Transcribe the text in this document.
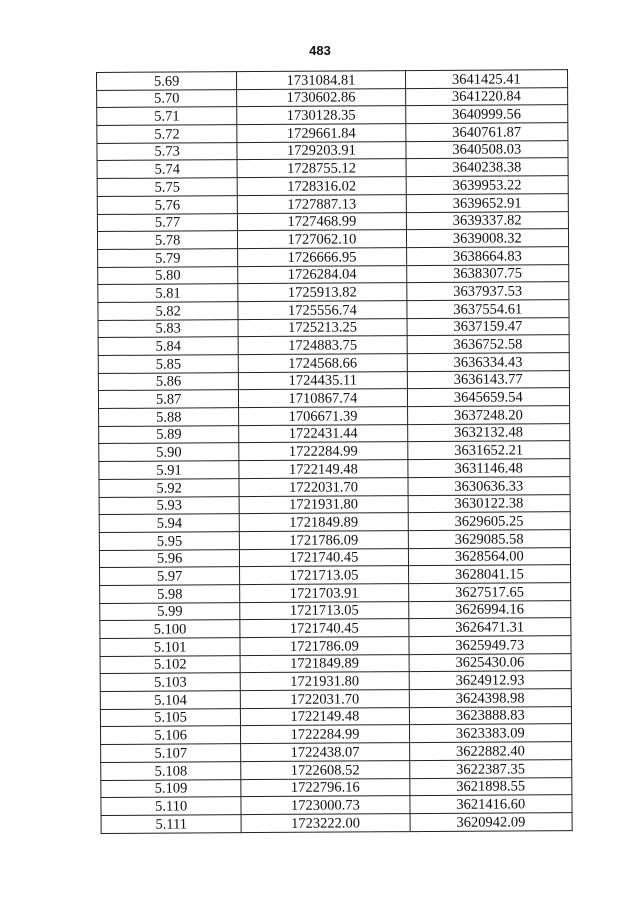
483
5.69	1731084.81	3641425.41
5.70	1730602.86	3641220.84
5.71	1730128.35	3640999.56
5.72	1729661.84	3640761.87
5.73	1729203.91	3640508.03
5.74	1728755.12	3640238.38
5.75	1728316.02	3639953.22
5.76	1727887.13	3639652.91
5.77	1727468.99	3639337.82
5.78	1727062.10	3639008.32
5.79	1726666.95	3638664.83
5.80	1726284.04	3638307.75
5.81	1725913.82	3637937.53
5.82	1725556.74	3637554.61
5.83	1725213.25	3637159.47
5.84	1724883.75	3636752.58
5.85	1724568.66	3636334.43
5.86	1724435.11	3636143.77
5.87	1710867.74	3645659.54
5.88	1706671.39	3637248.20
5.89	1722431.44	3632132.48
5.90	1722284.99	3631652.21
5.91	1722149.48	3631146.48
5.92	1722031.70	3630636.33
5.93	1721931.80	3630122.38
5.94	1721849.89	3629605.25
5.95	1721786.09	3629085.58
5.96	1721740.45	3628564.00
5.97	1721713.05	3628041.15
5.98	1721703.91	3627517.65
5.99	1721713.05	3626994.16
5.100	1721740.45	3626471.31
5.101	1721786.09	3625949.73
5.102	1721849.89	3625430.06
5.103	1721931.80	3624912.93
5.104	1722031.70	3624398.98
5.105	1722149.48	3623888.83
5.106	1722284.99	3623383.09
5.107	1722438.07	3622882.40
5.108	1722608.52	3622387.35
5.109	1722796.16	3621898.55
5.110	1723000.73	3621416.60
5.111	1723222.00	3620942.09
